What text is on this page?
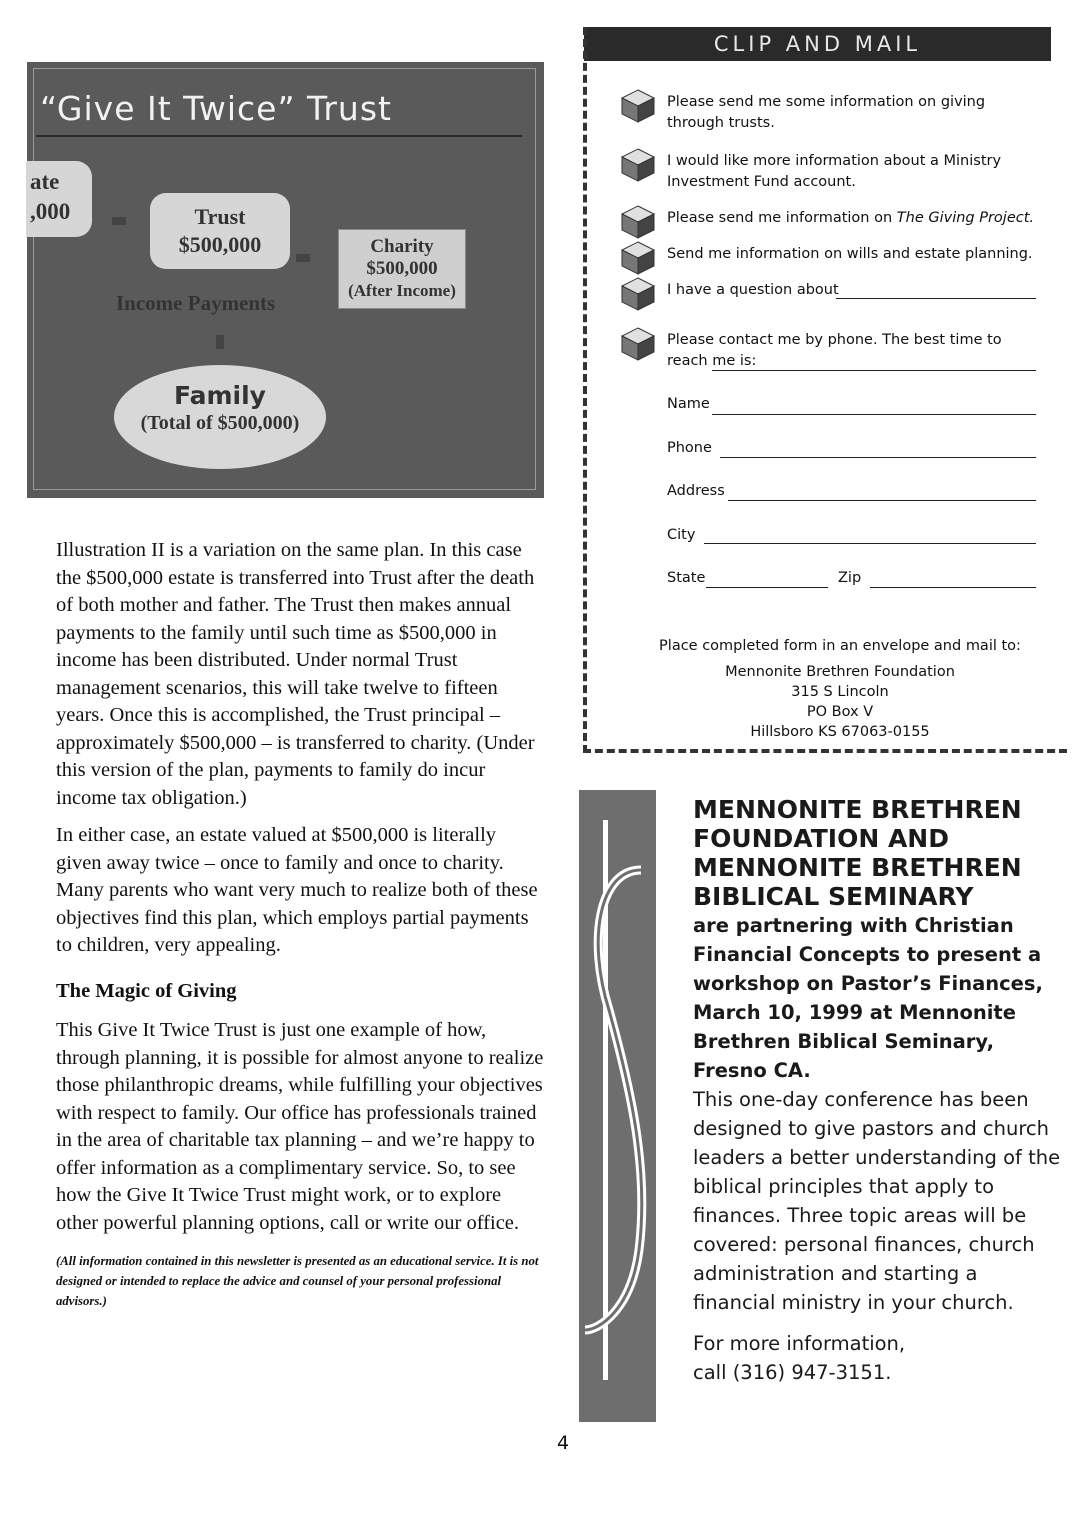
“Give It Twice” Trust
ate
,000	Trust
$500,000	Charity
$500,000
(After Income)
Income Payments
Family
(Total of $500,000)

Illustration II is a variation on the same plan. In this case the $500,000 estate is transferred into Trust after the death of both mother and father. The Trust then makes annual payments to the family until such time as $500,000 in income has been distributed. Under normal Trust management scenarios, this will take twelve to fifteen years. Once this is accomplished, the Trust principal – approximately $500,000 – is transferred to charity. (Under this version of the plan, payments to family do incur income tax obligation.)

In either case, an estate valued at $500,000 is literally given away twice – once to family and once to charity. Many parents who want very much to realize both of these objectives find this plan, which employs partial payments to children, very appealing.

The Magic of Giving

This Give It Twice Trust is just one example of how, through planning, it is possible for almost anyone to realize those philanthropic dreams, while fulfilling your objectives with respect to family. Our office has professionals trained in the area of charitable tax planning – and we’re happy to offer information as a complimentary service. So, to see how the Give It Twice Trust might work, or to explore other powerful planning options, call or write our office.

(All information contained in this newsletter is presented as an educational service. It is not designed or intended to replace the advice and counsel of your personal professional advisors.)

CLIP AND MAIL
Please send me some information on giving through trusts.
I would like more information about a Ministry Investment Fund account.
Please send me information on The Giving Project.
Send me information on wills and estate planning.
I have a question about
Please contact me by phone. The best time to reach me is:
Name
Phone
Address
City
State	Zip
Place completed form in an envelope and mail to:
Mennonite Brethren Foundation
315 S Lincoln
PO Box V
Hillsboro KS 67063-0155

MENNONITE BRETHREN

FOUNDATION AND

MENNONITE BRETHREN

BIBLICAL SEMINARY

are partnering with Christian Financial Concepts to present a workshop on Pastor’s Finances, March 10, 1999 at Mennonite Brethren Biblical Seminary, Fresno CA.

This one-day conference has been designed to give pastors and church leaders a better understanding of the biblical principles that apply to finances. Three topic areas will be covered: personal finances, church administration and starting a financial ministry in your church.

For more information,

call (316) 947-3151.

4
